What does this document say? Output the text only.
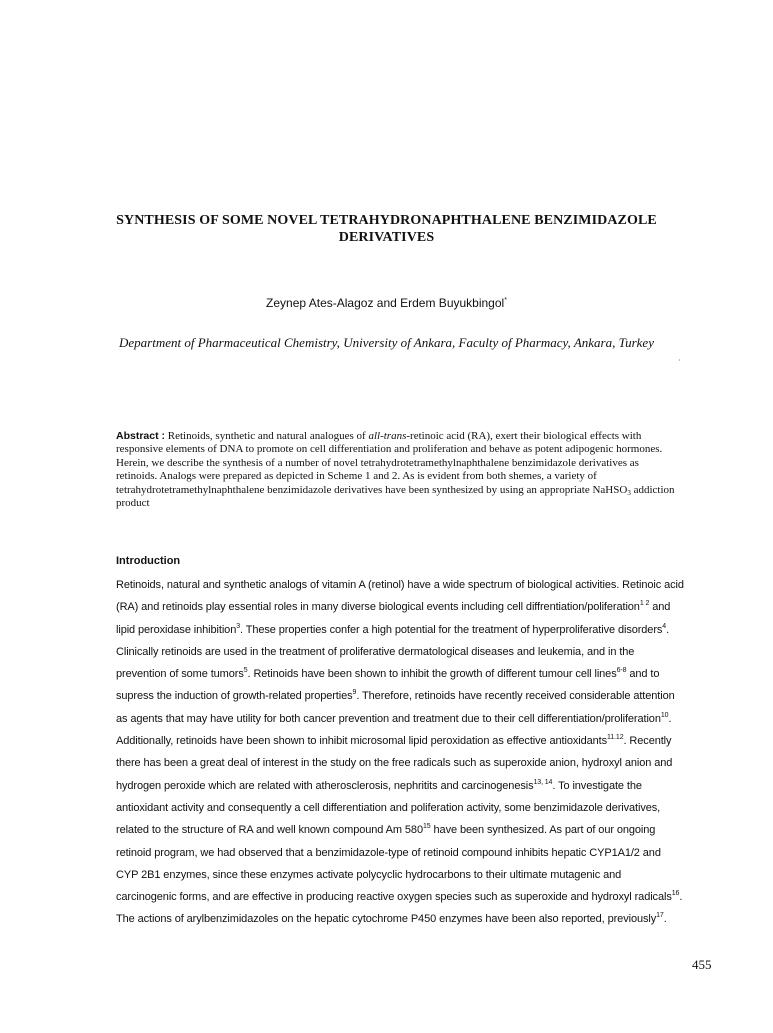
SYNTHESIS OF SOME NOVEL TETRAHYDRONAPHTHALENE BENZIMIDAZOLE
DERIVATIVES
Zeynep Ates-Alagoz and Erdem Buyukbingol*
Department of Pharmaceutical Chemistry, University of Ankara, Faculty of Pharmacy, Ankara, Turkey
·
Abstract : Retinoids, synthetic and natural analogues of all-trans-retinoic acid (RA), exert their biological effects with responsive elements of DNA to promote on cell differentiation and proliferation and behave as potent adipogenic hormones. Herein, we describe the synthesis of a number of novel tetrahydrotetramethylnaphthalene benzimidazole derivatives as retinoids. Analogs were prepared as depicted in Scheme 1 and 2. As is evident from both shemes, a variety of tetrahydrotetramethylnaphthalene benzimidazole derivatives have been synthesized by using an appropriate NaHSO$_3$ addiction product
Introduction
Retinoids, natural and synthetic analogs of vitamin A (retinol) have a wide spectrum of biological activities. Retinoic acid (RA) and retinoids play essential roles in many diverse biological events including cell diffrentiation/poliferation$^{1 2}$ and lipid peroxidase inhibition$^3$. These properties confer a high potential for the treatment of hyperproliferative disorders$^4$. Clinically retinoids are used in the treatment of proliferative dermatological diseases and leukemia, and in the prevention of some tumors$^5$. Retinoids have been shown to inhibit the growth of different tumour cell lines$^{6-8}$ and to supress the induction of growth-related properties$^9$. Therefore, retinoids have recently received considerable attention as agents that may have utility for both cancer prevention and treatment due to their cell differentiation/proliferation$^{10}$. Additionally, retinoids have been shown to inhibit microsomal lipid peroxidation as effective antioxidants$^{11.12}$. Recently there has been a great deal of interest in the study on the free radicals such as superoxide anion, hydroxyl anion and hydrogen peroxide which are related with atherosclerosis, nephritits and carcinogenesis$^{13, 14}$. To investigate the antioxidant activity and consequently a cell differentiation and poliferation activity, some benzimidazole derivatives, related to the structure of RA and well known compound Am $580^{15}$ have been synthesized. As part of our ongoing retinoid program, we had observed that a benzimidazole-type of retinoid compound inhibits hepatic CYP1A1/2 and CYP 2B1 enzymes, since these enzymes activate polycyclic hydrocarbons to their ultimate mutagenic and carcinogenic forms, and are effective in producing reactive oxygen species such as superoxide and hydroxyl radicals$^{16}$. The actions of arylbenzimidazoles on the hepatic cytochrome P450 enzymes have been also reported, previously$^{17}$.
455
